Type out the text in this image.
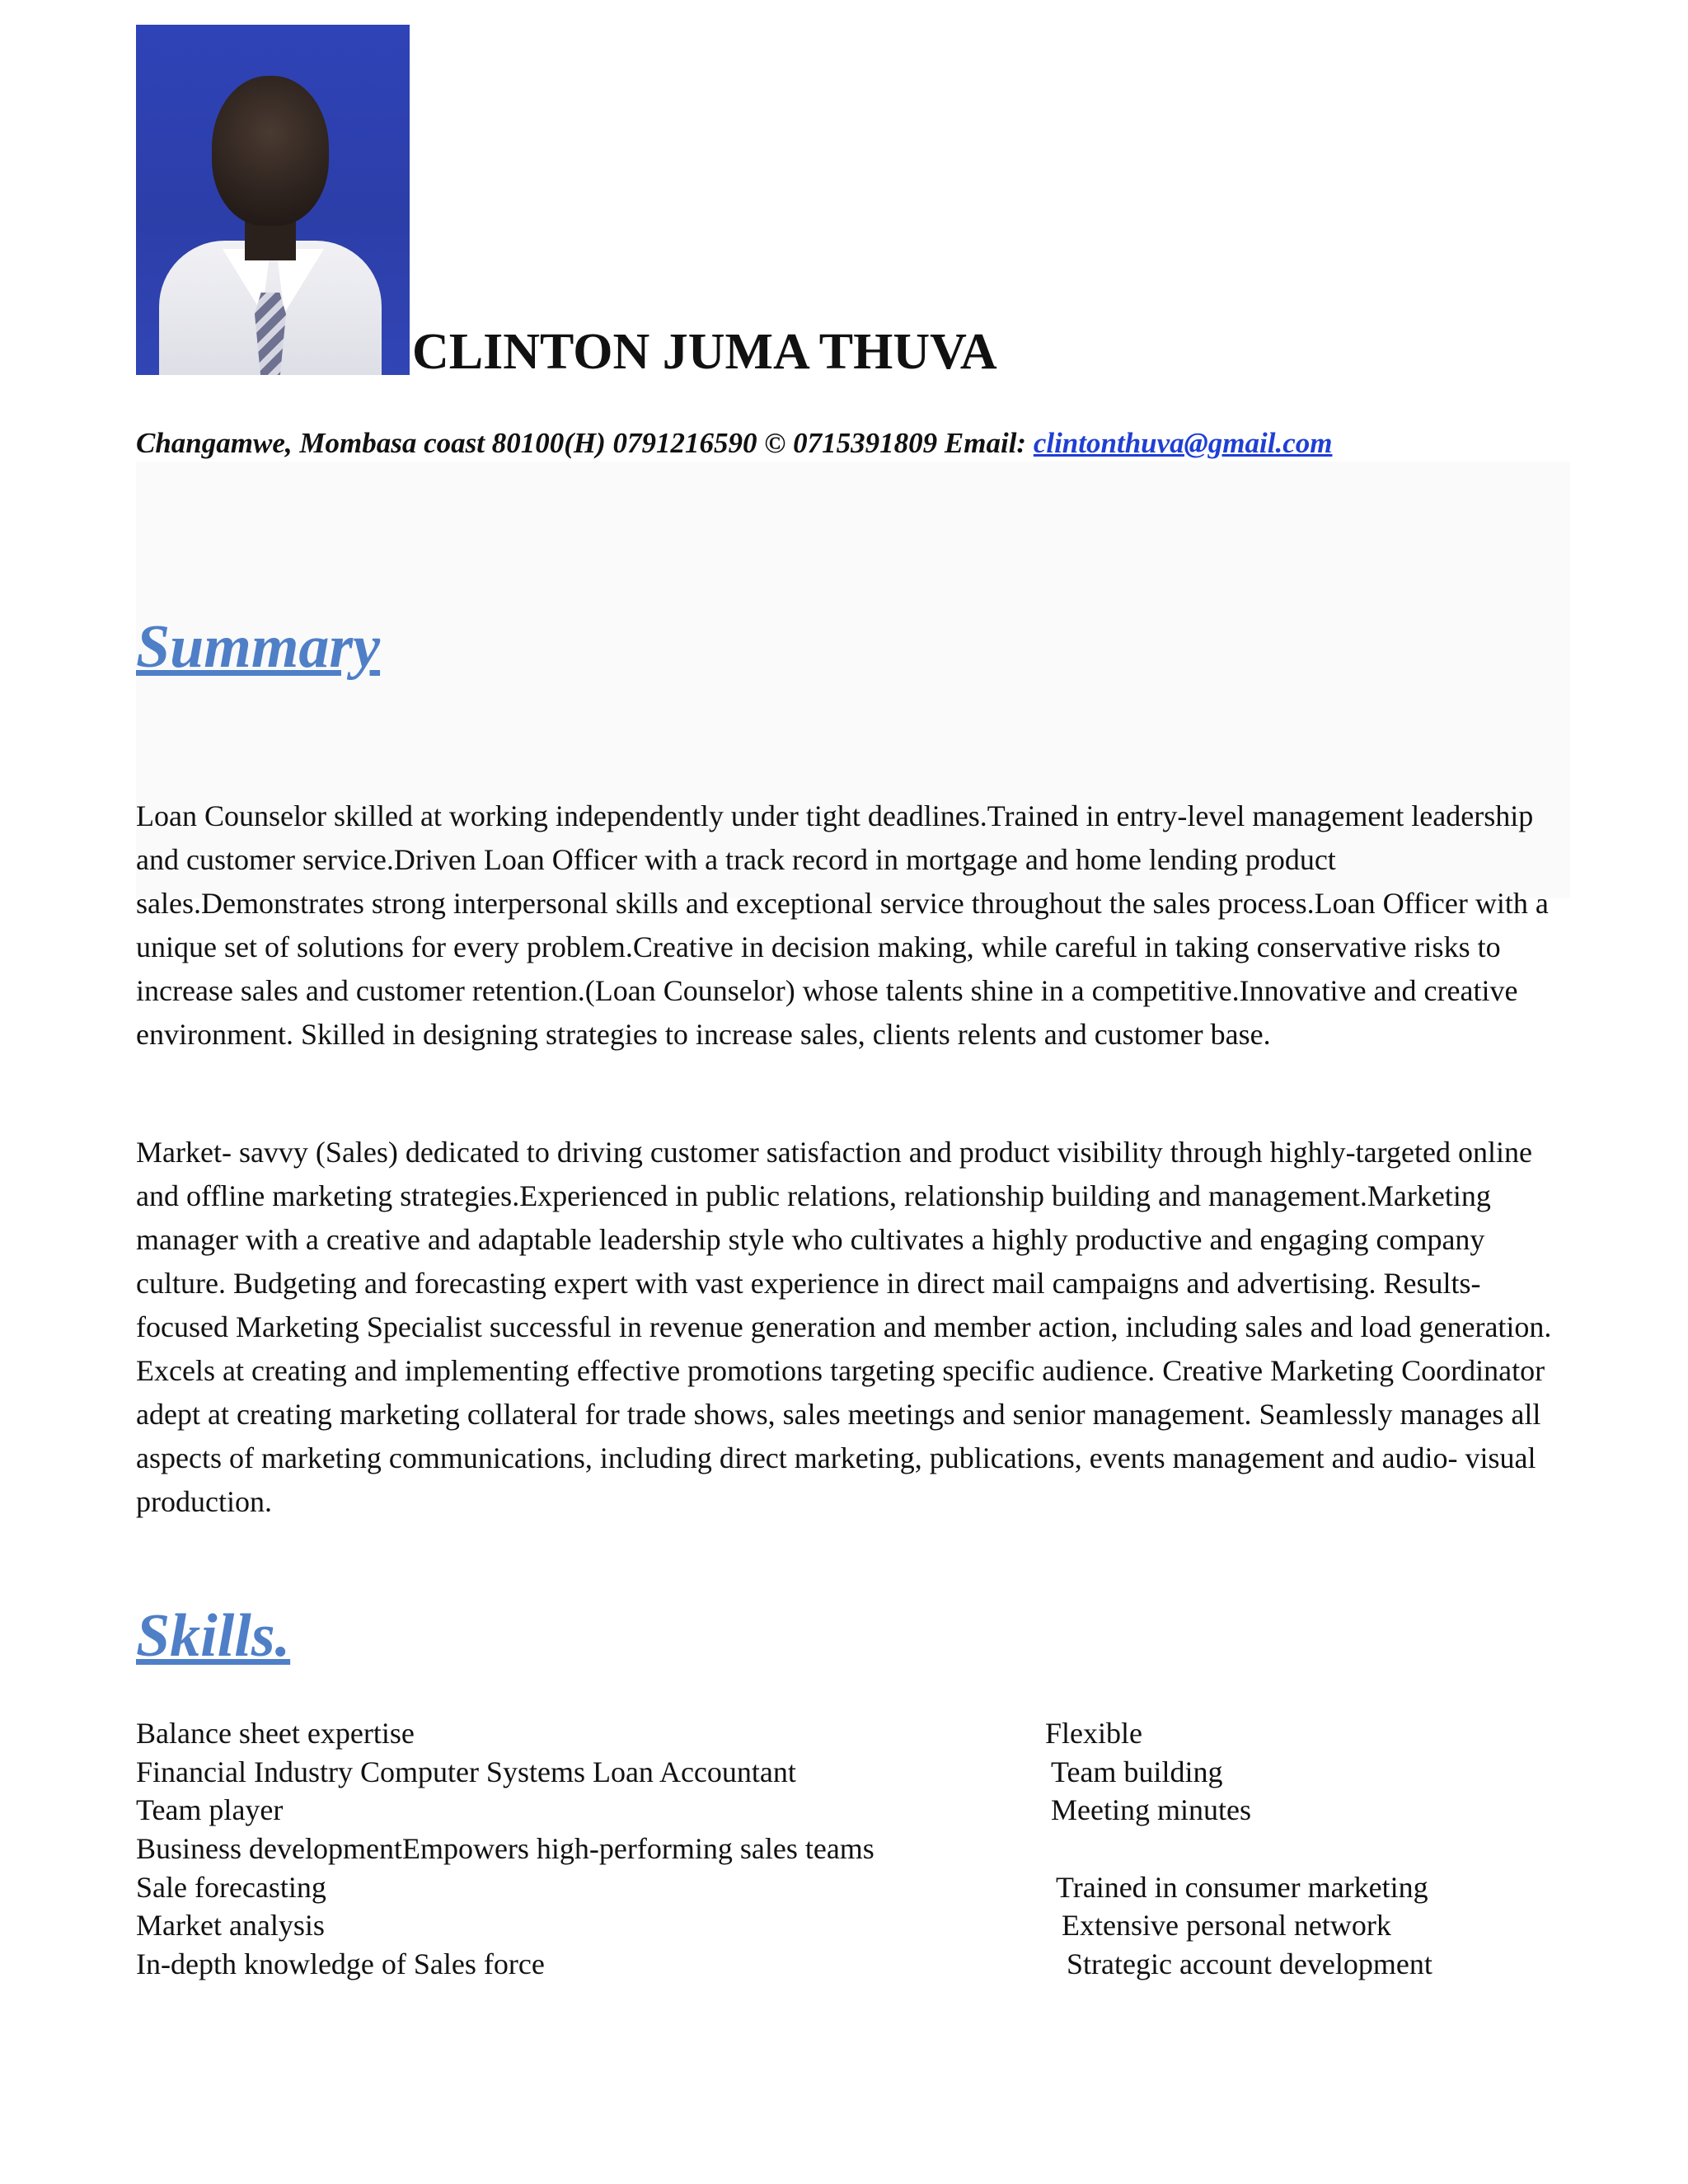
CLINTON JUMA THUVA
Changamwe, Mombasa coast 80100(H) 0791216590 © 0715391809 Email: clintonthuva@gmail.com
Summary

Loan Counselor skilled at working independently under tight deadlines.Trained in entry-level management leadership and customer service.Driven Loan Officer with a track record in mortgage and home lending product sales.Demonstrates strong interpersonal skills and exceptional service throughout the sales process.Loan Officer with a unique set of solutions for every problem.Creative in decision making, while careful in taking conservative risks to increase sales and customer retention.(Loan Counselor) whose talents shine in a competitive.Innovative and creative environment. Skilled in designing strategies to increase sales, clients relents and customer base.

Market- savvy (Sales) dedicated to driving customer satisfaction and product visibility through highly-targeted online and offline marketing strategies.Experienced in public relations, relationship building and management.Marketing manager with a creative and adaptable leadership style who cultivates a highly productive and engaging company culture. Budgeting and forecasting expert with vast experience in direct mail campaigns and advertising. Results-focused Marketing Specialist successful in revenue generation and member action, including sales and load generation. Excels at creating and implementing effective promotions targeting specific audience. Creative Marketing Coordinator adept at creating marketing collateral for trade shows, sales meetings and senior management. Seamlessly manages all aspects of marketing communications, including direct marketing, publications, events management and audio- visual production.

Skills.

Balance sheet expertise

Financial Industry Computer Systems Loan Accountant

Team player

Business developmentEmpowers high-performing sales teams

Sale forecasting

Market analysis

In-depth knowledge of Sales force

Flexible

Team building

Meeting minutes

Trained in consumer marketing

Extensive personal network

Strategic account development
